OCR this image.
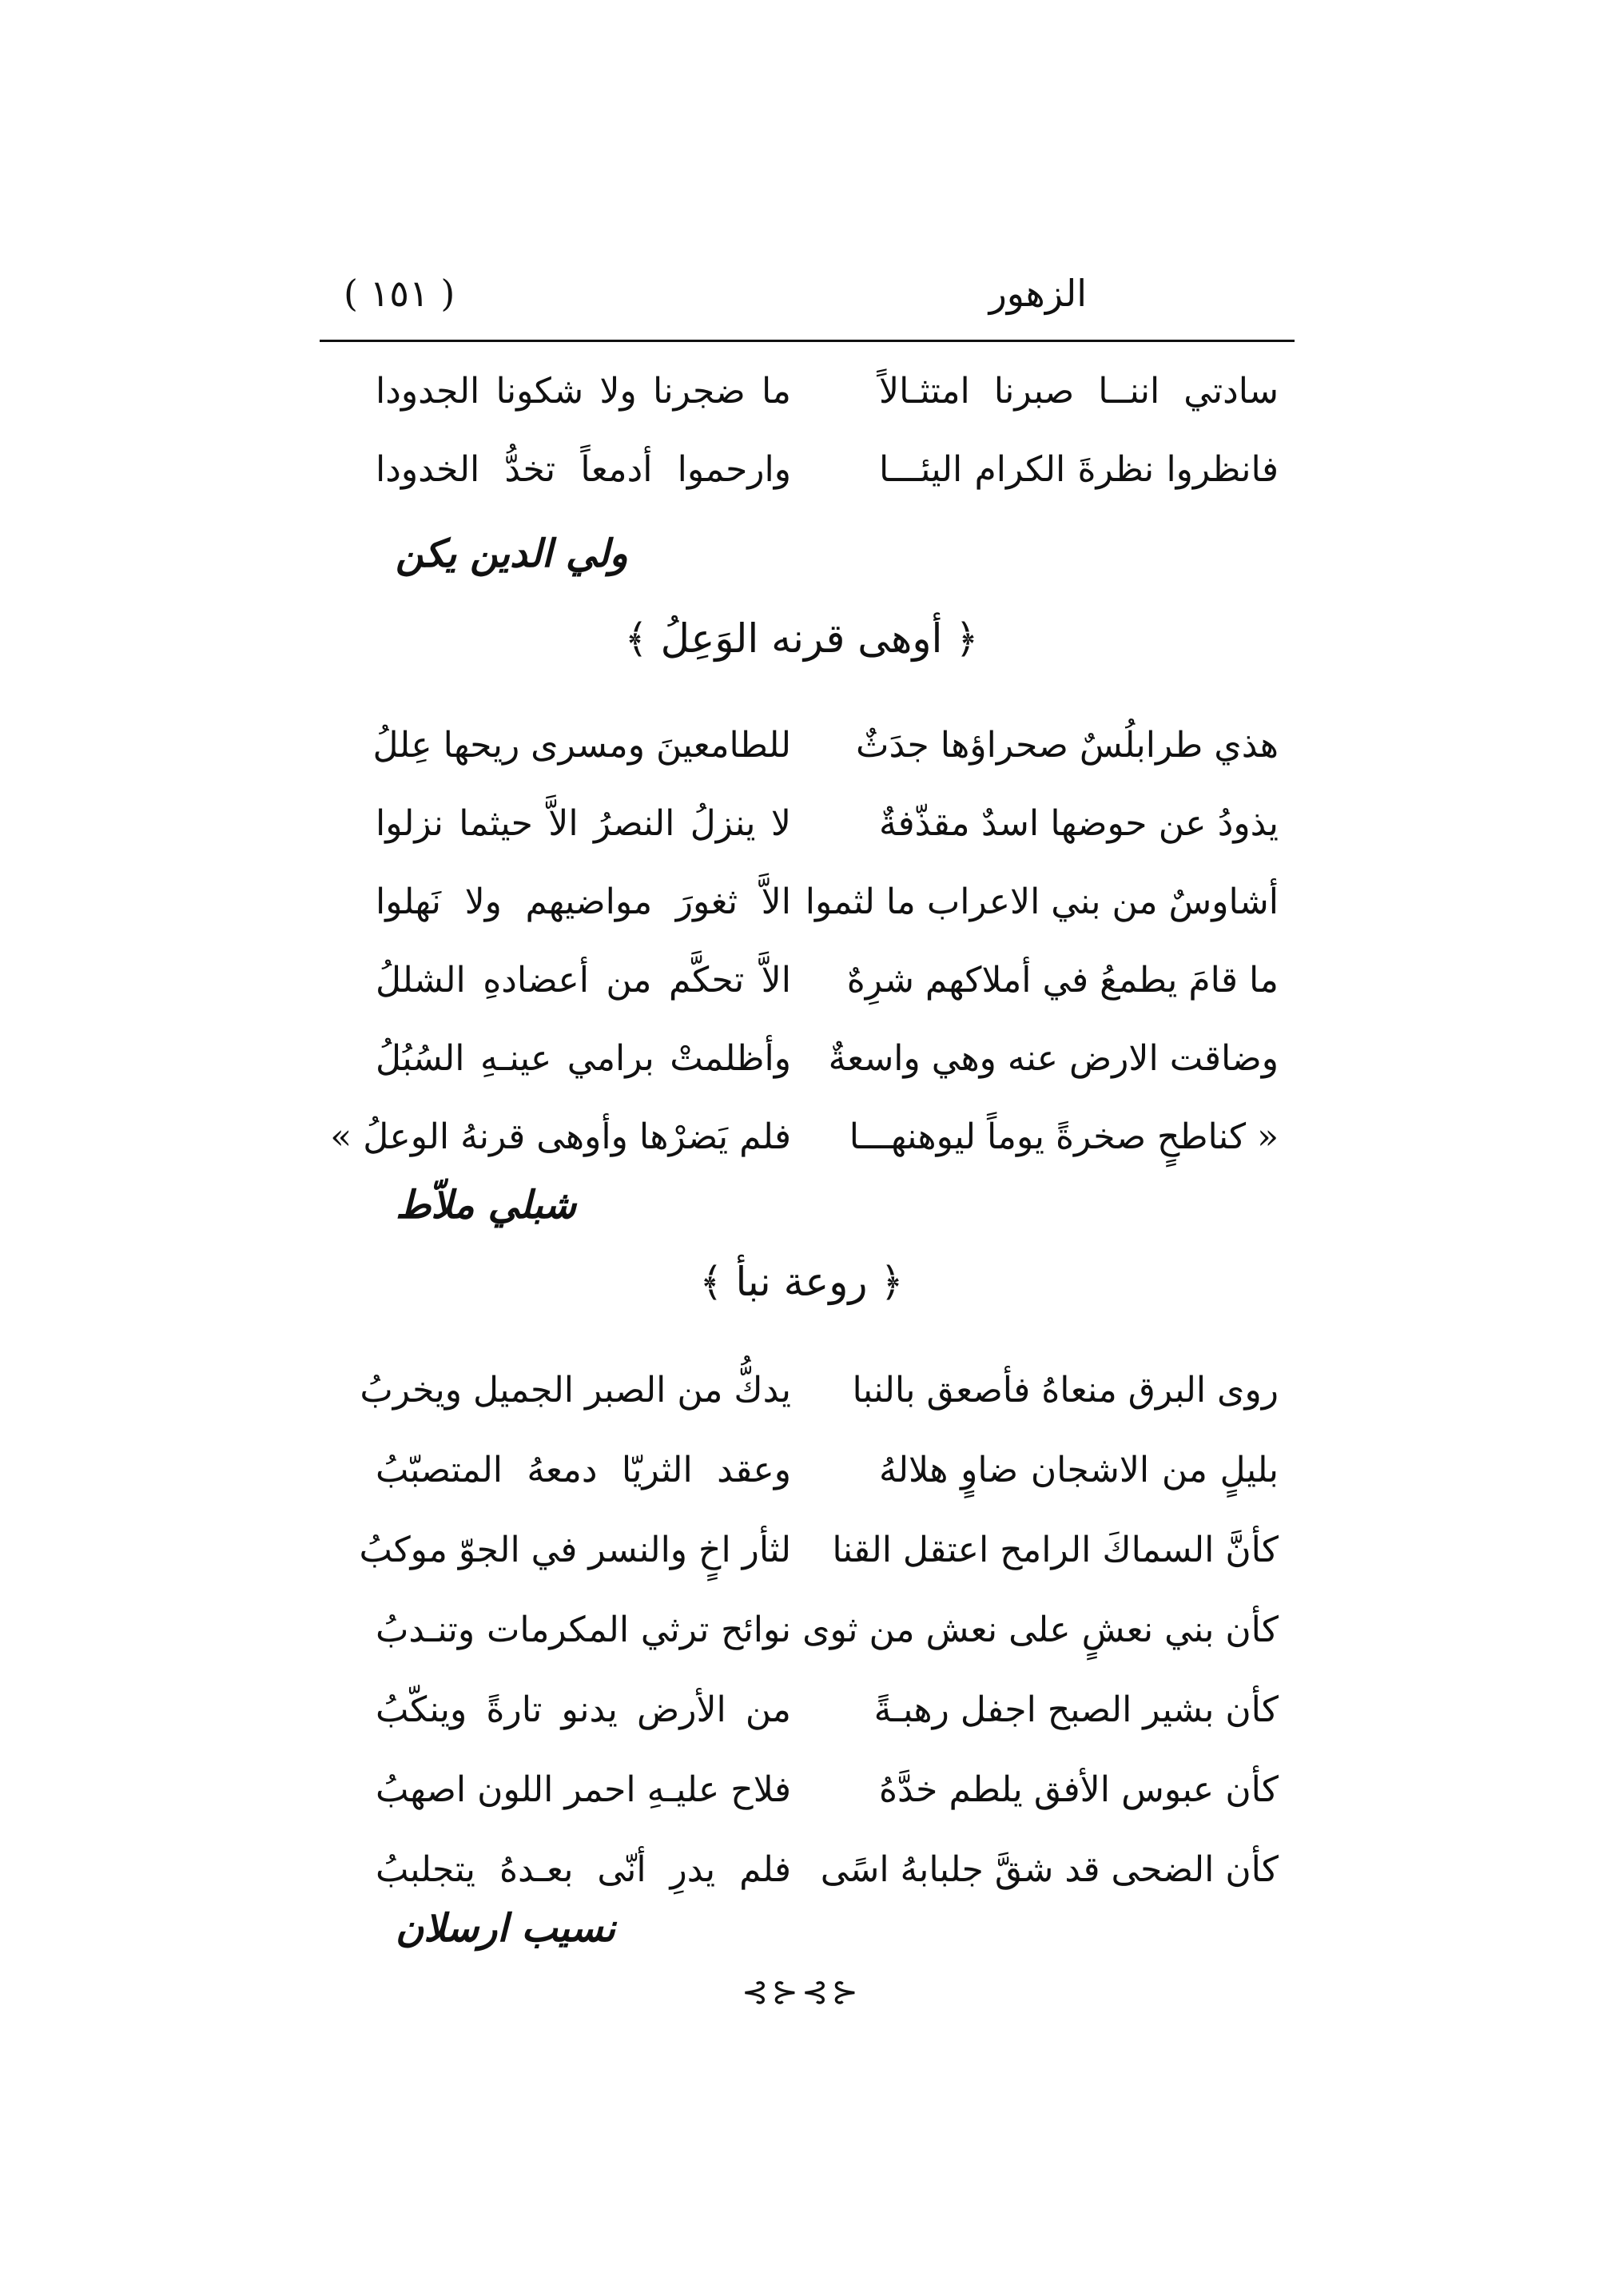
الزهور
( ١٥١ )
سادتي اننــا صبرنا امتثـالاً
ما ضجرنا ولا شكونا الجدودا
فانظروا نظرةَ الكرام اليئـــا
وارحموا أدمعاً تخدُّ الخدودا
ولي الدين يكن
﴿ أوهى قرنه الوَعِلُ ﴾
هذي طرابلُسٌ صحراؤها جدَثٌ
للطامعينَ ومسرى ريحها عِللُ
يذودُ عن حوضها اسدٌ مقذّفةٌ
لا ينزلُ النصرُ الاَّ حيثما نزلوا
أشاوسٌ من بني الاعراب ما لثموا
الاَّ ثغورَ مواضيهم ولا نَهلوا
ما قامَ يطمعُ في أملاكهم شرِهٌ
الاَّ تحكَّم من أعضادهِ الشللُ
وضاقت الارض عنه وهي واسعةٌ
وأظلمتْ برامي عينـهِ السُبُلُ
« كناطحٍ صخرةً يوماً ليوهنهـــا
فلم يَضرْها وأوهى قرنهُ الوعلُ »
شبلي ملاّط
﴿ روعة نبأ ﴾
روى البرق منعاهُ فأصعق بالنبا
يدكُّ من الصبر الجميل ويخربُ
بليلٍ من الاشجان ضاوٍ هلالهُ
وعقد الثريّا دمعهُ المتصبّبُ
كأنَّ السماكَ الرامح اعتقل القنا
لثأر اخٍ والنسر في الجوّ موكبُ
كأن بني نعشٍ على نعش من ثوى
نوائح ترثي المكرمات وتنـدبُ
كأن بشير الصبح اجفل رهبـةً
من الأرض يدنو تارةً وينكّبُ
كأن عبوس الأفق يلطم خدَّهُ
فلاح عليـهِ احمر اللون اصهبُ
كأن الضحى قد شقَّ جلبابهُ اسًى
فلم يدرِ أنّى بعـدهُ يتجلببُ
نسيب ارسلان
⊰⊱⊰⊱
